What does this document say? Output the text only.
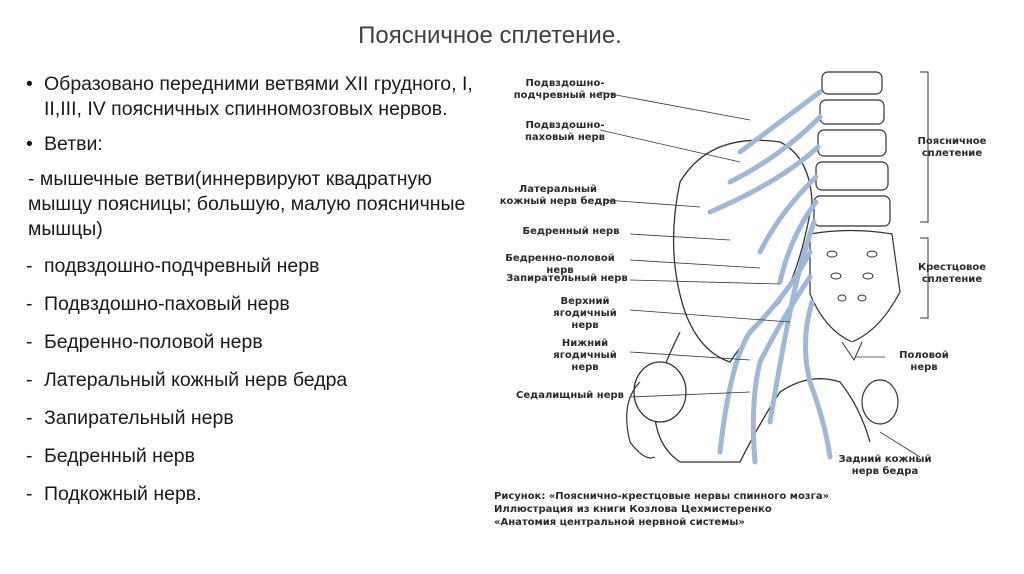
Поясничное сплетение.
• Образовано передними ветвями XII грудного, I, II,III, IV поясничных спинномозговых нервов.
• Ветви:
- мышечные ветви(иннервируют квадратную мышцу поясницы; большую, малую поясничные мышцы)
- подвздошно-подчревный нерв
- Подвздошно-паховый нерв
- Бедренно-половой нерв
- Латеральный кожный нерв бедра
- Запирательный нерв
- Бедренный нерв
- Подкожный нерв.
Подвздошно-подчревный нерв
Подвздошно-паховый нерв
Латеральный кожный нерв бедра
Бедренный нерв
Бедренно-половой нерв
Запирательный нерв
Верхний ягодичный нерв
Нижний ягодичный нерв
Седалищный нерв
Поясничное сплетение
Крестцовое сплетение
Половой нерв
Задний кожный нерв бедра
Рисунок: «Пояснично-крестцовые нервы спинного мозга»
Иллюстрация из книги Козлова Цехмистеренко
«Анатомия центральной нервной системы»
